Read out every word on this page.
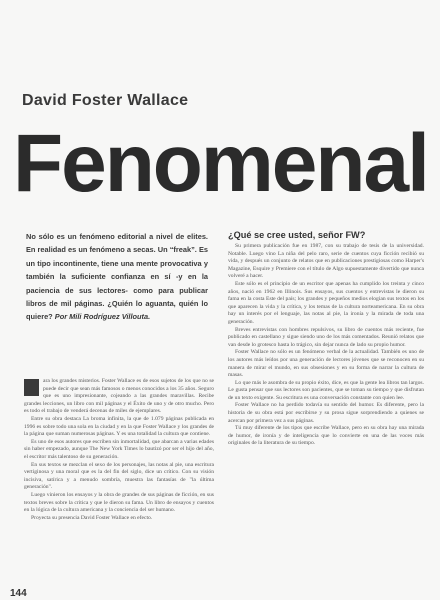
David Foster Wallace
Fenomenal
No sólo es un fenómeno editorial a nivel de elites. En realidad es un fenómeno a secas. Un “freak”. Es un tipo incontinente, tiene una mente provocativa y también la suficiente confianza en sí -y en la paciencia de sus lectores- como para publicar libros de mil páginas. ¿Quién lo aguanta, quién lo quiere? Por Mili Rodríguez Villouta.

ara los grandes misterios. Foster Wallace es de esos sujetos de los que no se puede decir que sean más famosos o menos conocidos a los 35 años. Seguro que es uno impresionante, cojeando a las grandes maravillas. Recibe grandes lecciones, un libro con mil páginas y el Éxito de uno y de otro mucho. Pero es todo el trabajo de venderá decenas de miles de ejemplares.

Entre su obra destaca La broma infinita, la que de 1.079 páginas publicada en 1996 es sobre todo una sola en la ciudad y en la que Foster Wallace y los grandes de la página que suman numerosas páginas. Y es una totalidad la cultura que contiene.

Es uno de esos autores que escriben sin inmortalidad, que abarcan a varias edades sin haber empezado, aunque The New York Times lo bautizó por ser el hijo del año, el escritor más talentoso de su generación.

En sus textos se mezclan el sexo de los personajes, las notas al pie, una escritura vertiginosa y una moral que es la del fin del siglo, dice un crítico. Con su visión incisiva, satírica y a menudo sombría, muestra las fantasías de "la última generación".

Luego vinieron los ensayos y la obra de grandes de sus páginas de ficción, en sus textos breves sobre la crítica y que le dieron su fama. Un libro de ensayos y cuentos en la lógica de la cultura americana y la conciencia del ser humano.

Proyecta su presencia David Foster Wallace en efecto.

¿Qué se cree usted, señor FW?

Su primera publicación fue en 1987, con su trabajo de tesis de la universidad. Notable. Luego vino La niña del pelo raro, serie de cuentos cuya ficción recibió su vida, y después un conjunto de relatos que en publicaciones prestigiosas como Harper's Magazine, Esquire y Premiere con el título de Algo supuestamente divertido que nunca volveré a hacer.

Este sólo es el principio de un escritor que apenas ha cumplido los treinta y cinco años, nació en 1962 en Illinois. Sus ensayos, sus cuentos y entrevistas le dieron su fama en la costa Este del país; los grandes y pequeños medios elogian sus textos en los que aparecen la vida y la crítica, y los temas de la cultura norteamericana. En su obra hay un interés por el lenguaje, las notas al pie, la ironía y la mirada de toda una generación.

Breves entrevistas con hombres repulsivos, su libro de cuentos más reciente, fue publicado en castellano y sigue siendo uno de los más comentados. Reunió relatos que van desde lo grotesco hasta lo trágico, sin dejar nunca de lado su propio humor.

Foster Wallace no sólo es un fenómeno verbal de la actualidad. También es uno de los autores más leídos por una generación de lectores jóvenes que se reconocen en su manera de mirar el mundo, en sus obsesiones y en su forma de narrar la cultura de masas.

Lo que más le asombra de su propio éxito, dice, es que la gente lea libros tan largos. Le gusta pensar que sus lectores son pacientes, que se toman su tiempo y que disfrutan de un texto exigente. Su escritura es una conversación constante con quien lee.

Foster Wallace no ha perdido todavía su sentido del humor. Es diferente, pero la historia de su obra está por escribirse y su prosa sigue sorprendiendo a quienes se acercan por primera vez a sus páginas.

Tú muy diferente de los tipos que escribe Wallace, pero en su obra hay una mirada de humor, de ironía y de inteligencia que lo convierte en una de las voces más originales de la literatura de su tiempo.

144
